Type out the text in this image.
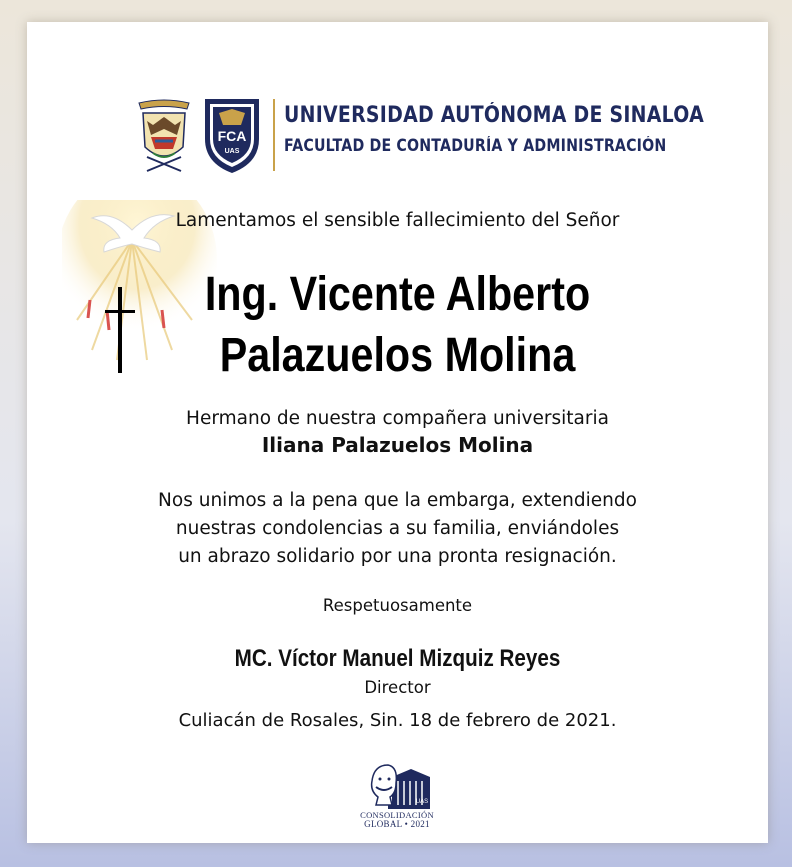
FCA
UAS
UNIVERSIDAD AUTÓNOMA DE SINALOA
FACULTAD DE CONTADURÍA Y ADMINISTRACIÓN
Lamentamos el sensible fallecimiento del Señor
Ing. Vicente Alberto
Palazuelos Molina
Hermano de nuestra compañera universitaria
Iliana Palazuelos Molina
Nos unimos a la pena que la embarga, extendiendo
nuestras condolencias a su familia, enviándoles
un abrazo solidario por una pronta resignación.
Respetuosamente
MC. Víctor Manuel Mizquiz Reyes
Director
Culiacán de Rosales, Sin. 18 de febrero de 2021.
UAS
CONSOLIDACIÓN
GLOBAL • 2021
